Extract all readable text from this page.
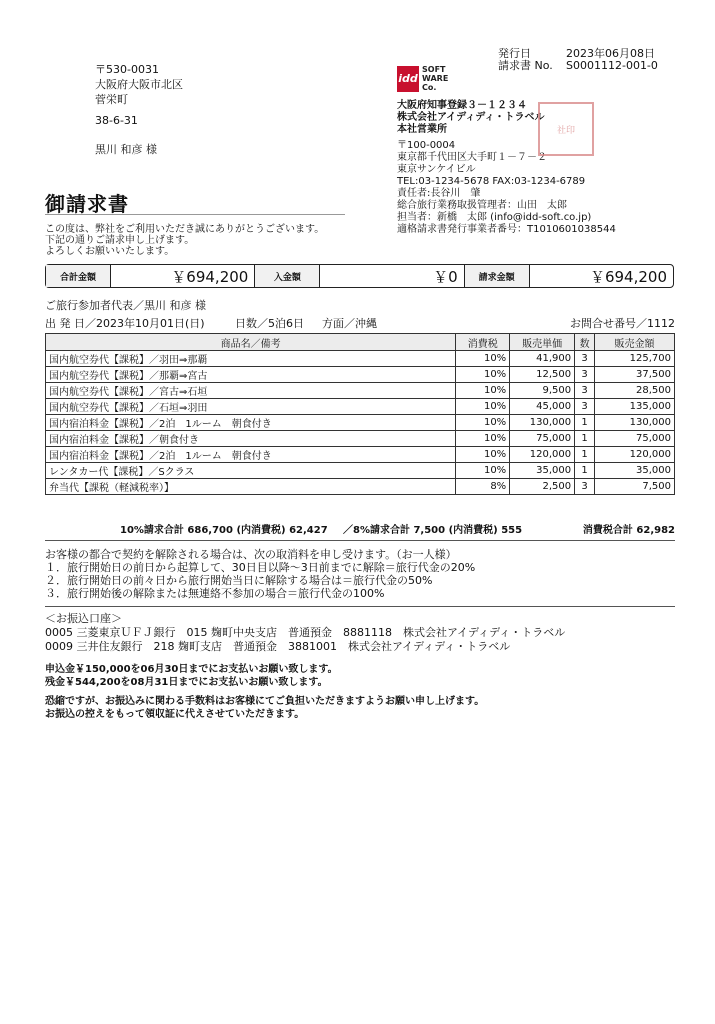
〒530-0031
大阪府大阪市北区
菅栄町
38-6-31
黒川 和彦 様
発行日	2023年06月08日
請求書 No.	S0001112-001-0
idd
SOFT
WARE
Co.
大阪府知事登録３－１２３４
株式会社アイディディ・トラベル
本社営業所
〒100-0004
東京都千代田区大手町１－７－２
東京サンケイビル
TEL:03-1234-5678 FAX:03-1234-6789
社印
御請求書
この度は、弊社をご利用いただき誠にありがとうございます。
下記の通りご請求申し上げます。
よろしくお願いいたします。
責任者:長谷川　肇
総合旅行業務取扱管理者：山田　太郎
担当者：新橋　太郎 (info@idd-soft.co.jp)
適格請求書発行事業者番号：T1010601038544
合計金額	￥694,200	入金額	￥0	請求金額	￥694,200
ご旅行参加者代表／黒川 和彦 様
出 発 日／2023年10月01日(日)	日数／5泊6日 方面／沖縄	お問合せ番号／1112
商品名／備考	消費税	販売単価	数	販売金額
国内航空券代【課税】／羽田⇒那覇	10%	41,900	3	125,700
国内航空券代【課税】／那覇⇒宮古	10%	12,500	3	37,500
国内航空券代【課税】／宮古⇒石垣	10%	9,500	3	28,500
国内航空券代【課税】／石垣⇒羽田	10%	45,000	3	135,000
国内宿泊料金【課税】／2泊　1ルーム　朝食付き	10%	130,000	1	130,000
国内宿泊料金【課税】／朝食付き	10%	75,000	1	75,000
国内宿泊料金【課税】／2泊　1ルーム　朝食付き	10%	120,000	1	120,000
レンタカー代【課税】／Sクラス	10%	35,000	1	35,000
弁当代【課税（軽減税率）】	8%	2,500	3	7,500
10%請求合計 686,700 (内消費税) 62,427 ／8%請求合計 7,500 (内消費税) 555	消費税合計 62,982
お客様の都合で契約を解除される場合は、次の取消料を申し受けます。（お一人様）
１．旅行開始日の前日から起算して、30日目以降〜3日前までに解除＝旅行代金の20%
２．旅行開始日の前々日から旅行開始当日に解除する場合は＝旅行代金の50%
３．旅行開始後の解除または無連絡不参加の場合＝旅行代金の100%
＜お振込口座＞
0005 三菱東京ＵＦＪ銀行　015 麹町中央支店　普通預金　8881118　株式会社アイディディ・トラベル
0009 三井住友銀行　218 麹町支店　普通預金　3881001　株式会社アイディディ・トラベル
申込金￥150,000を06月30日までにお支払いお願い致します。
残金￥544,200を08月31日までにお支払いお願い致します。
恐縮ですが、お振込みに関わる手数料はお客様にてご負担いただきますようお願い申し上げます。
お振込の控えをもって領収証に代えさせていただきます。
